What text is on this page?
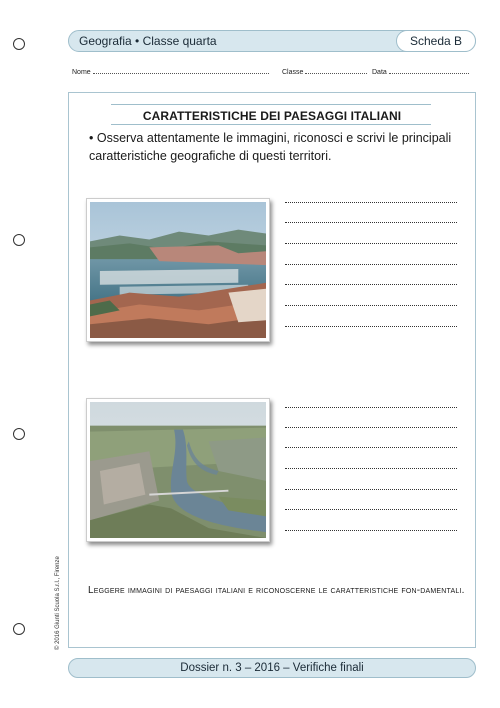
Geografia • Classe quarta	Scheda B
Nome	Classe	Data
CARATTERISTICHE DEI PAESAGGI ITALIANI
• Osserva attentamente le immagini, riconosci e scrivi le principali caratteristiche geografiche di questi territori.
Leggere immagini di paesaggi italiani e riconoscerne le caratteristiche fon-damentali.
Dossier n. 3 – 2016 – Verifiche finali
© 2016 Giunti Scuola S.r.l., Firenze
